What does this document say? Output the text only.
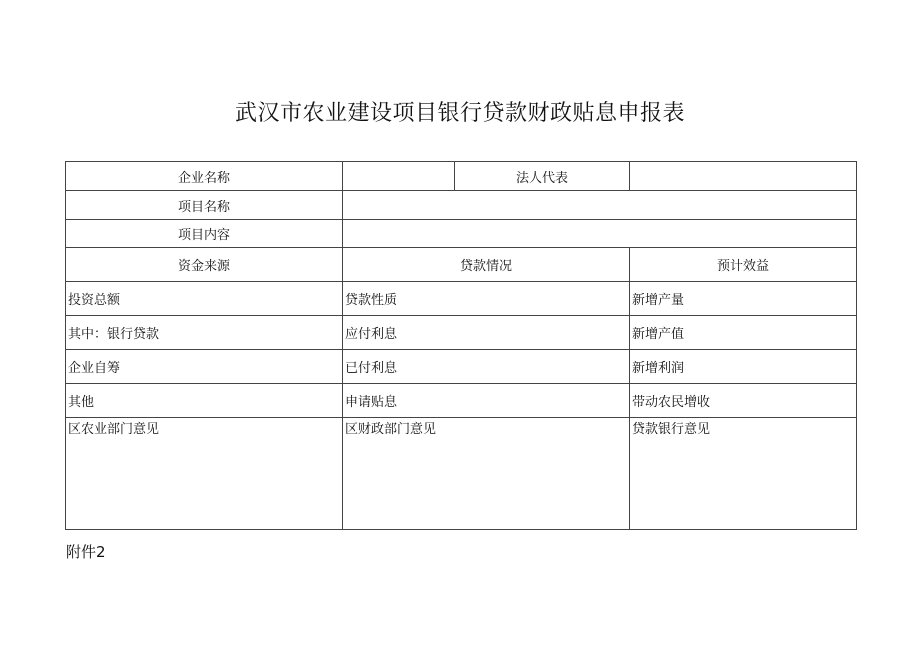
武汉市农业建设项目银行贷款财政贴息申报表
企业名称		法人代表	
项目名称			
项目内容			
资金来源	贷款情况		预计效益
投资总额	贷款性质		新增产量
其中：银行贷款	应付利息		新增产值
企业自筹	已付利息		新增利润
其他	申请贴息		带动农民增收
区农业部门意见	区财政部门意见		贷款银行意见
附件2
